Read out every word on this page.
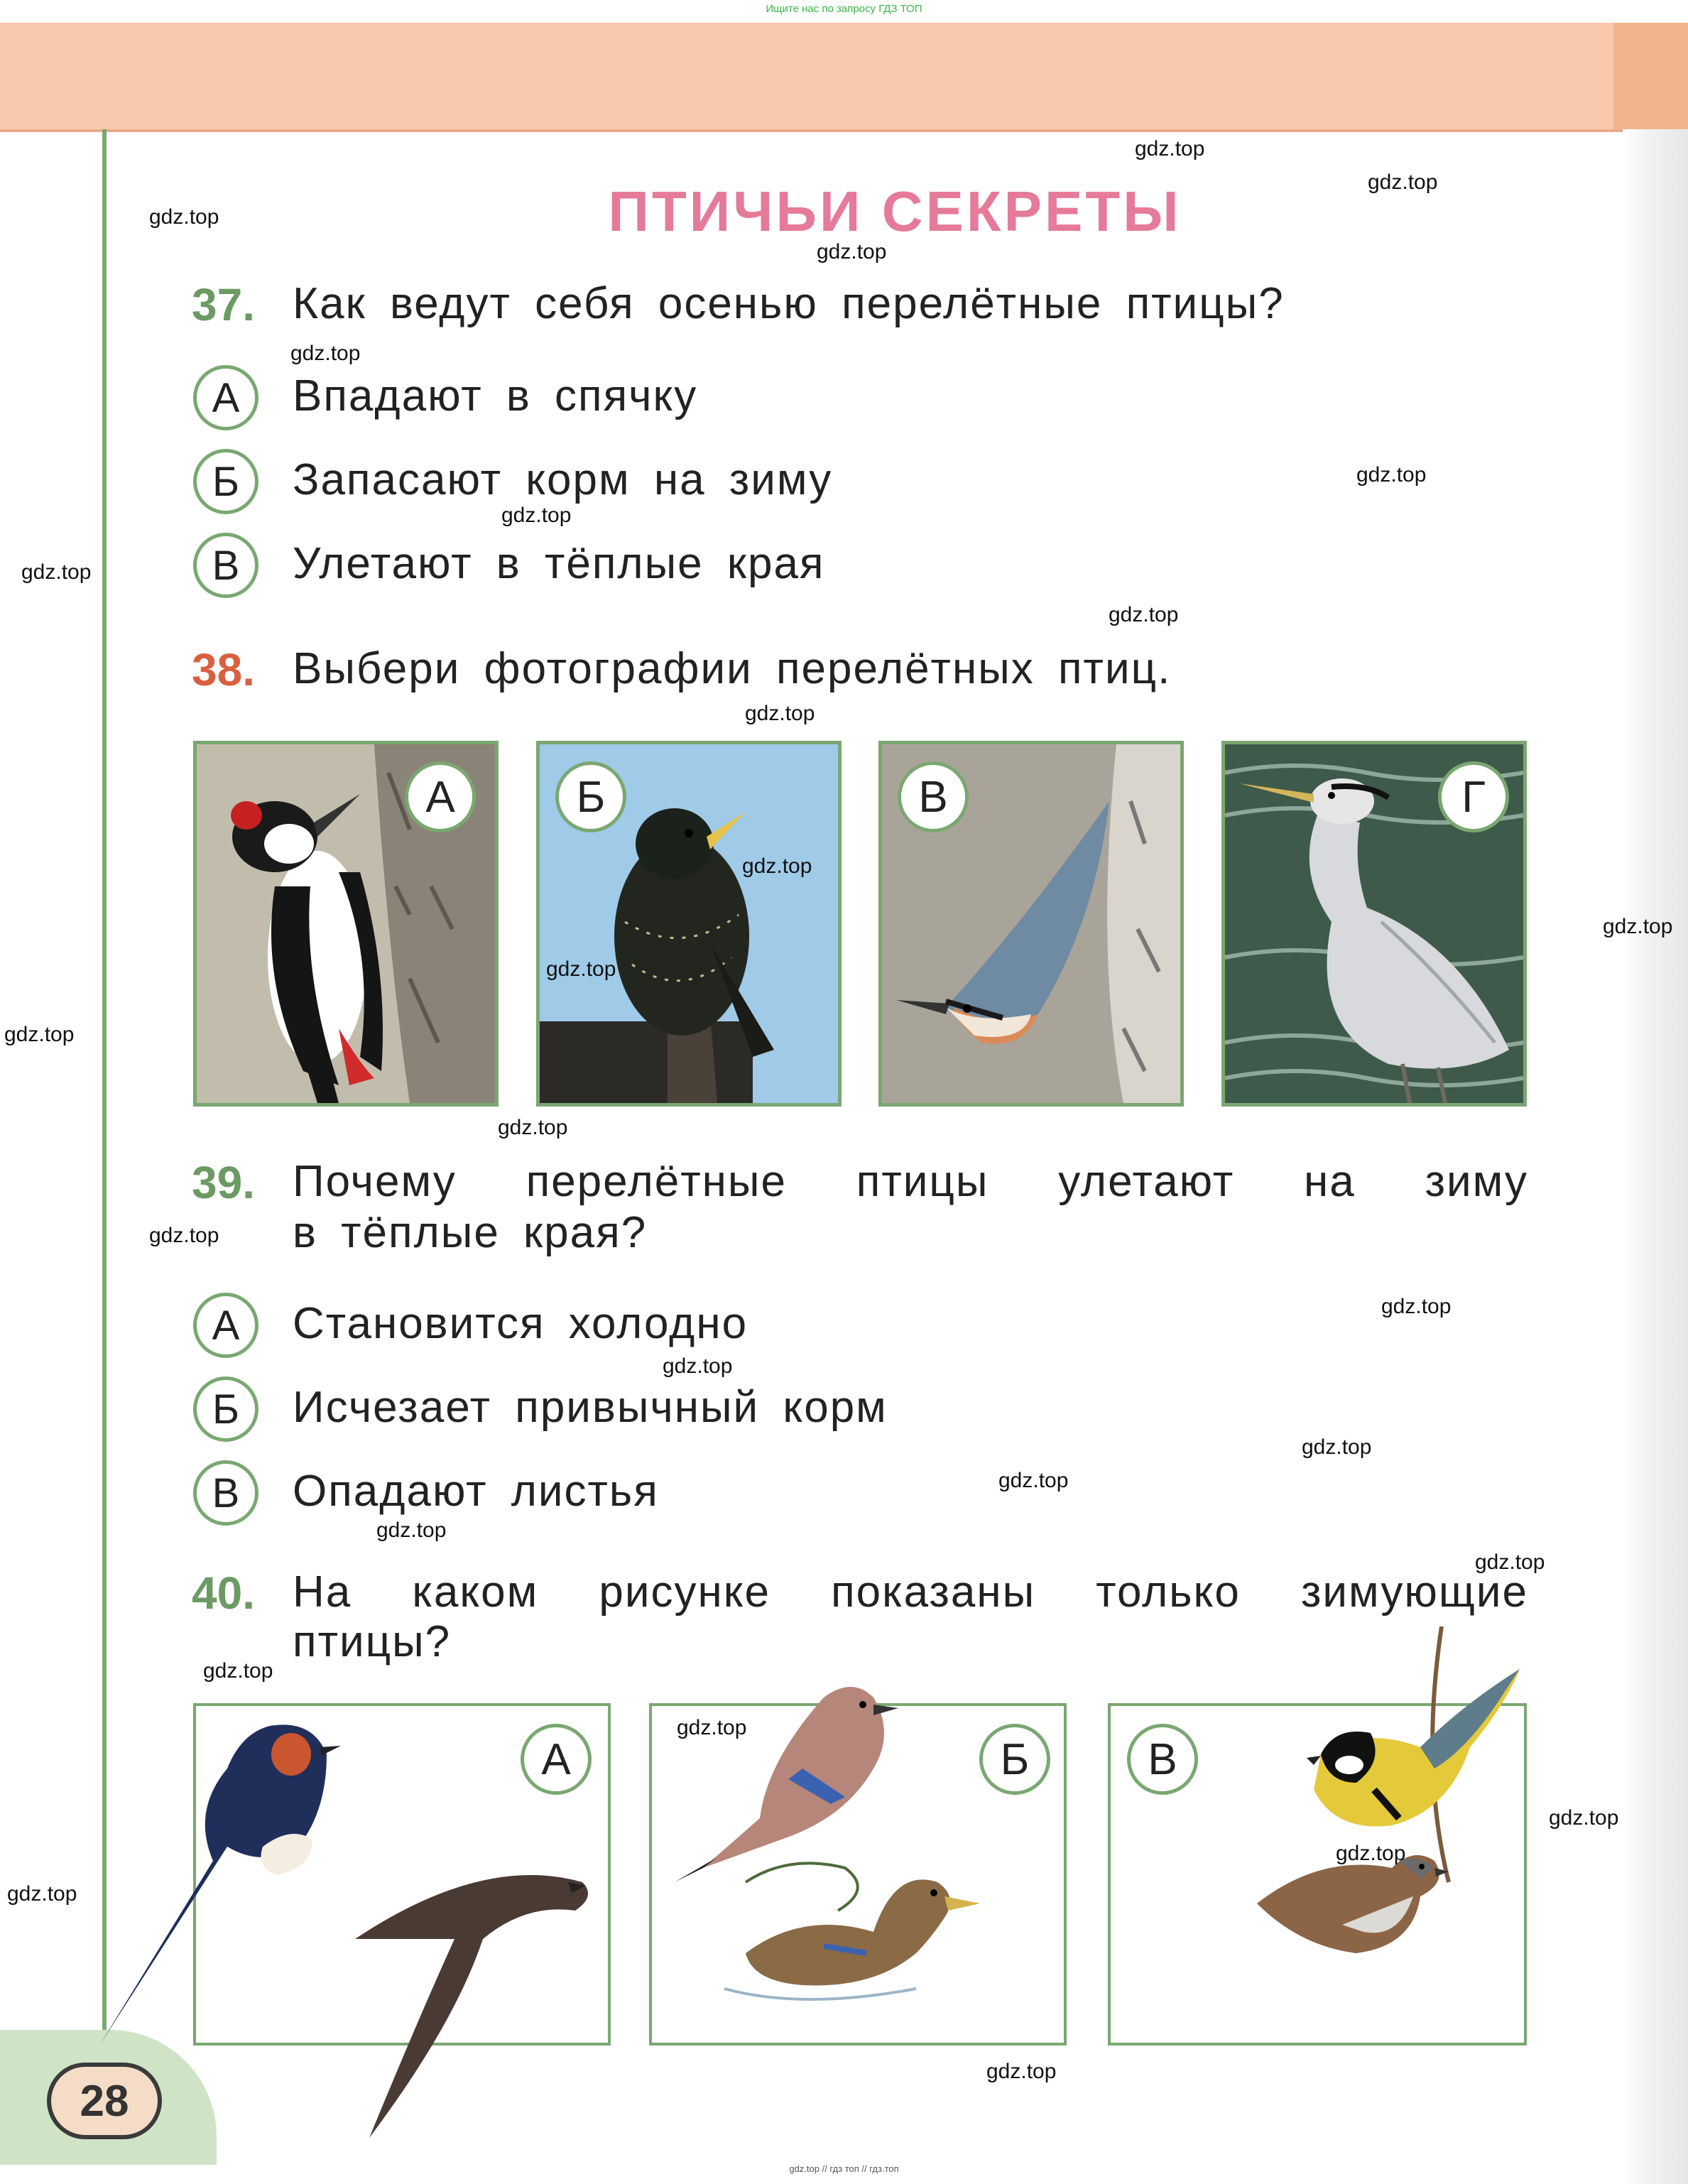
Ищите нас по запросу ГДЗ ТОП
28
gdz.top // гдз топ // гдз.топ
ПТИЧЬИ СЕКРЕТЫ
37. Как ведут себя осенью перелётные птицы?
А	Впадают в спячку
Б	Запасают корм на зиму
В	Улетают в тёплые края
38. Выбери фотографии перелётных птиц.
А	Б	В	Г
39. Почему перелётные птицы улетают на зиму
в тёплые края?
А	Становится холодно
Б	Исчезает привычный корм
В	Опадают листья
40. На каком рисунке показаны только зимующие
птицы?
А	Б	В
gdz.top
gdz.top
gdz.top
gdz.top
gdz.top
gdz.top
gdz.top
gdz.top
gdz.top
gdz.top
gdz.top
gdz.top
gdz.top
gdz.top
gdz.top
gdz.top
gdz.top
gdz.top
gdz.top
gdz.top
gdz.top
gdz.top
gdz.top
gdz.top
gdz.top
gdz.top
gdz.top
gdz.top
